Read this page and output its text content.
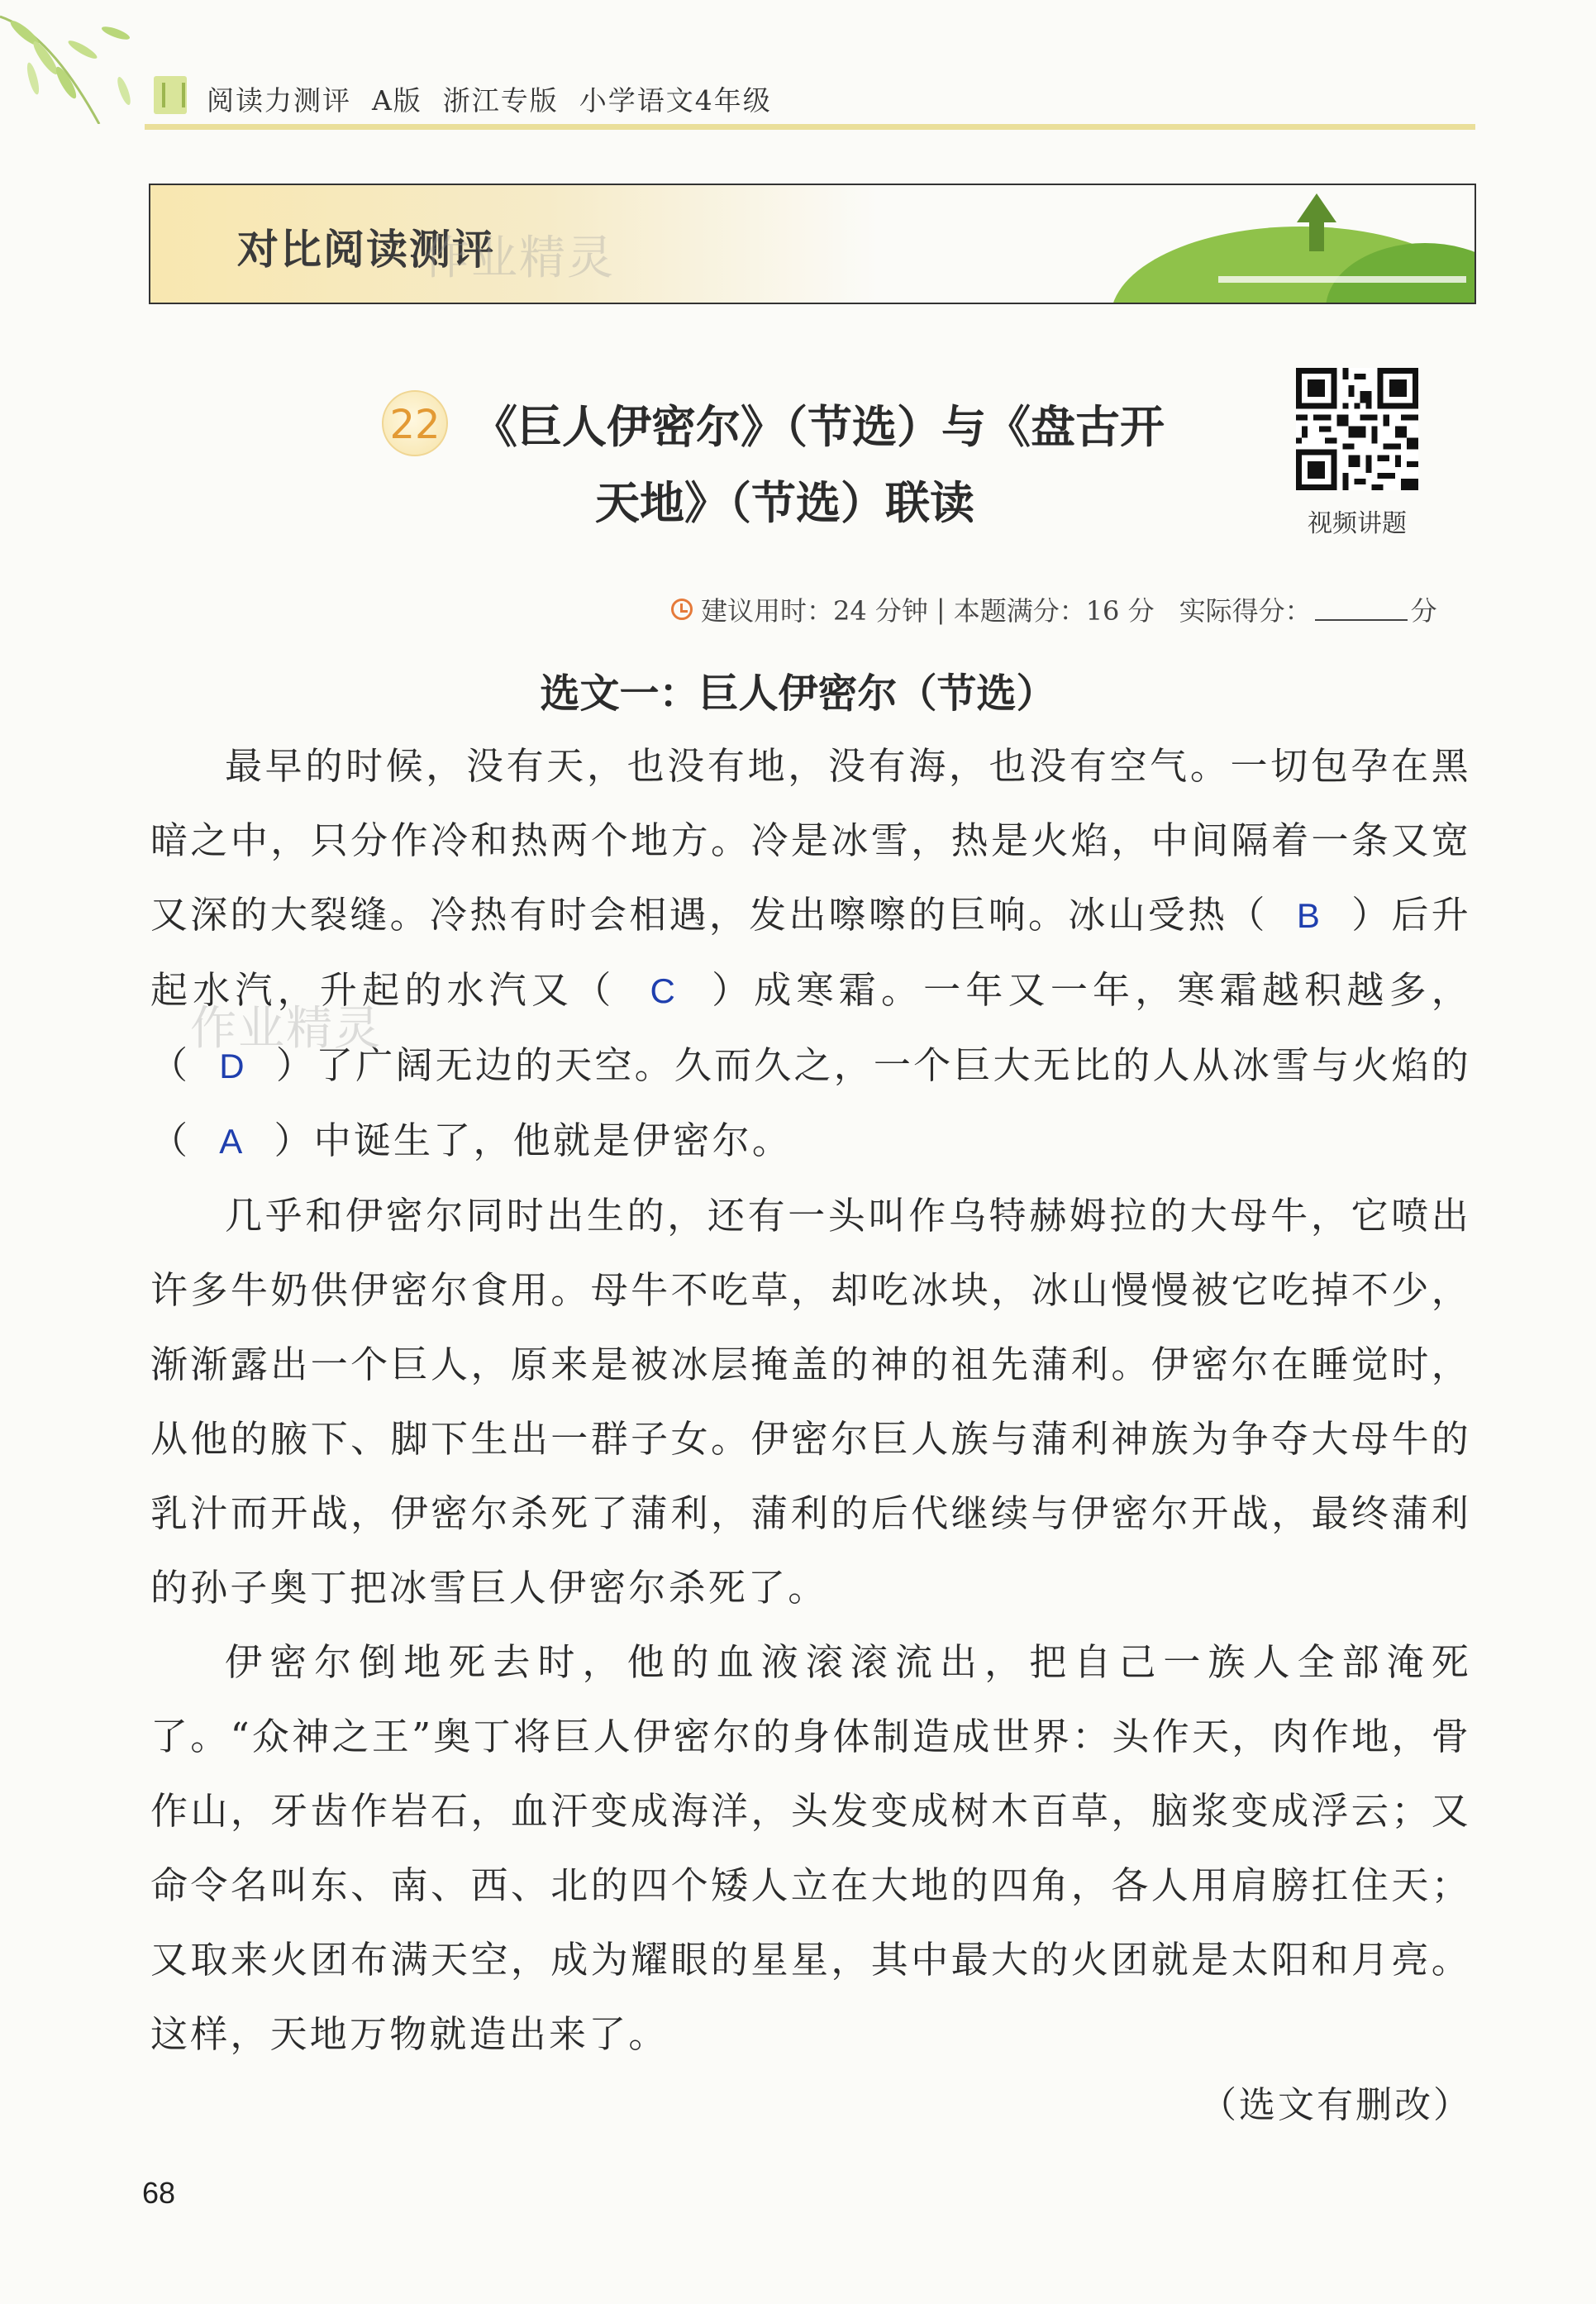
阅读力测评  A版  浙江专版  小学语文4年级
对比阅读测评
作业精灵
22 《巨人伊密尔》（节选）与《盘古开
天地》（节选）联读	视频讲题
建议用时：24 分钟 | 本题满分：16 分 实际得分：	分
选文一：巨人伊密尔（节选）

最早的时候，没有天，也没有地，没有海，也没有空气。一切包孕在黑暗之中，只分作冷和热两个地方。冷是冰雪，热是火焰，中间隔着一条又宽又深的大裂缝。冷热有时会相遇，发出嚓嚓的巨响。冰山受热（ B ）后升起水汽，升起的水汽又（ C ）成寒霜。一年又一年，寒霜越积越多，（ D ）了广阔无边的天空。久而久之，一个巨大无比的人从冰雪与火焰的（ A ）中诞生了，他就是伊密尔。

几乎和伊密尔同时出生的，还有一头叫作乌特赫姆拉的大母牛，它喷出许多牛奶供伊密尔食用。母牛不吃草，却吃冰块，冰山慢慢被它吃掉不少，渐渐露出一个巨人，原来是被冰层掩盖的神的祖先蒲利。伊密尔在睡觉时，从他的腋下、脚下生出一群子女。伊密尔巨人族与蒲利神族为争夺大母牛的乳汁而开战，伊密尔杀死了蒲利，蒲利的后代继续与伊密尔开战，最终蒲利的孙子奥丁把冰雪巨人伊密尔杀死了。

伊密尔倒地死去时，他的血液滚滚流出，把自己一族人全部淹死了。“众神之王”奥丁将巨人伊密尔的身体制造成世界：头作天，肉作地，骨作山，牙齿作岩石，血汗变成海洋，头发变成树木百草，脑浆变成浮云；又命令名叫东、南、西、北的四个矮人立在大地的四角，各人用肩膀扛住天；又取来火团布满天空，成为耀眼的星星，其中最大的火团就是太阳和月亮。这样，天地万物就造出来了。

作业精灵
（选文有删改）
68
